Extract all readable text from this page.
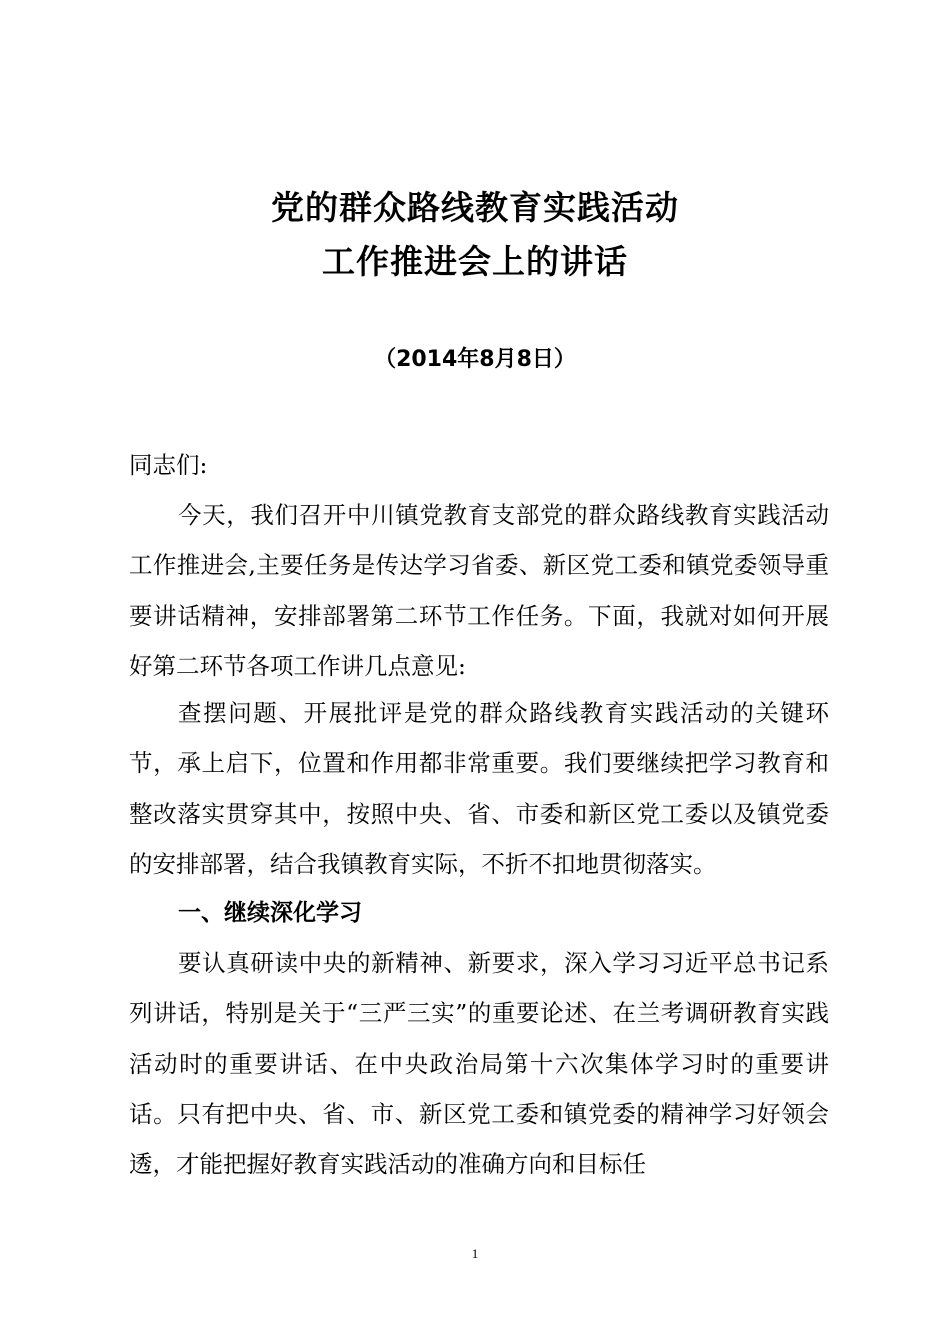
党的群众路线教育实践活动
工作推进会上的讲话
（2014年8月8日）
同志们:
今天，我们召开中川镇党教育支部党的群众路线教育实践活动工作推进会,主要任务是传达学习省委、新区党工委和镇党委领导重要讲话精神，安排部署第二环节工作任务。下面，我就对如何开展好第二环节各项工作讲几点意见:
查摆问题、开展批评是党的群众路线教育实践活动的关键环节，承上启下，位置和作用都非常重要。我们要继续把学习教育和整改落实贯穿其中，按照中央、省、市委和新区党工委以及镇党委的安排部署，结合我镇教育实际，不折不扣地贯彻落实。
一、继续深化学习
要认真研读中央的新精神、新要求，深入学习习近平总书记系列讲话，特别是关于“三严三实”的重要论述、在兰考调研教育实践活动时的重要讲话、在中央政治局第十六次集体学习时的重要讲话。只有把中央、省、市、新区党工委和镇党委的精神学习好领会透，才能把握好教育实践活动的准确方向和目标任
1
